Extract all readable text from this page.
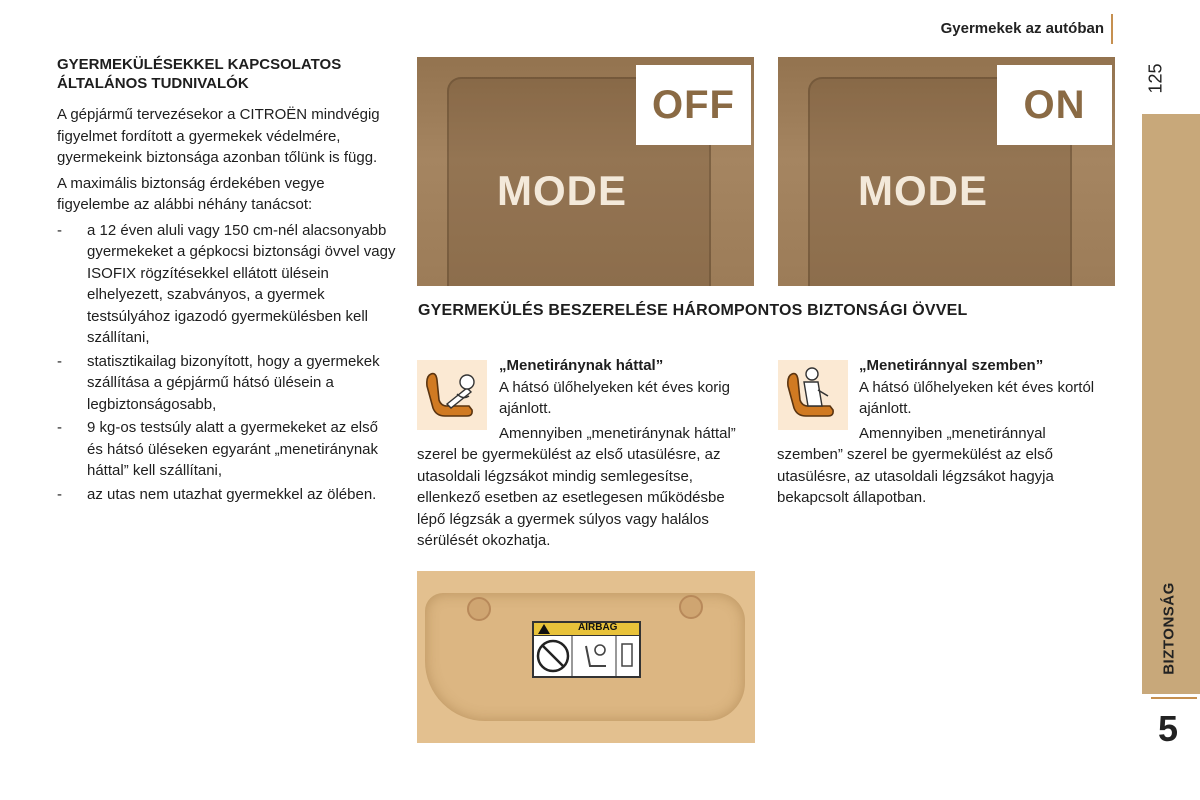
Gyermekek az autóban
125
BIZTONSÁG
5
GYERMEKÜLÉSEKKEL KAPCSOLATOS
ÁLTALÁNOS TUDNIVALÓK

A gépjármű tervezésekor a CITROËN mindvégig figyelmet fordított a gyermekek védelmére, gyermekeink biztonsága azonban tőlünk is függ.

A maximális biztonság érdekében vegye figyelembe az alábbi néhány tanácsot:

- a 12 éven aluli vagy 150 cm-nél alacsonyabb gyermekeket a gépkocsi biztonsági övvel vagy ISOFIX rögzítésekkel ellátott ülésein elhelyezett, szabványos, a gyermek testsúlyához igazodó gyermekülésben kell szállítani,
- statisztikailag bizonyított, hogy a gyermekek szállítása a gépjármű hátsó ülésein a legbiztonságosabb,
- 9 kg-os testsúly alatt a gyermekeket az első és hátsó üléseken egyaránt „menetiránynak háttal” kell szállítani,
- az utas nem utazhat gyermekkel az ölében.
OFF
MODE
ON
MODE
GYERMEKÜLÉS BESZERELÉSE HÁROMPONTOS BIZTONSÁGI ÖVVEL

„Menetiránynak háttal”

A hátsó ülőhelyeken két éves korig ajánlott.

Amennyiben „menetiránynak háttal”

szerel be gyermekülést az első utasülésre, az utasoldali légzsákot mindig semlegesítse, ellenkező esetben az esetlegesen működésbe lépő légzsák a gyermek súlyos vagy halálos sérülését okozhatja.

„Menetiránnyal szemben”

A hátsó ülőhelyeken két éves kortól ajánlott.

Amennyiben „menetiránnyal

szemben” szerel be gyermekülést az első utasülésre, az utasoldali légzsákot hagyja bekapcsolt állapotban.

AIRBAG
